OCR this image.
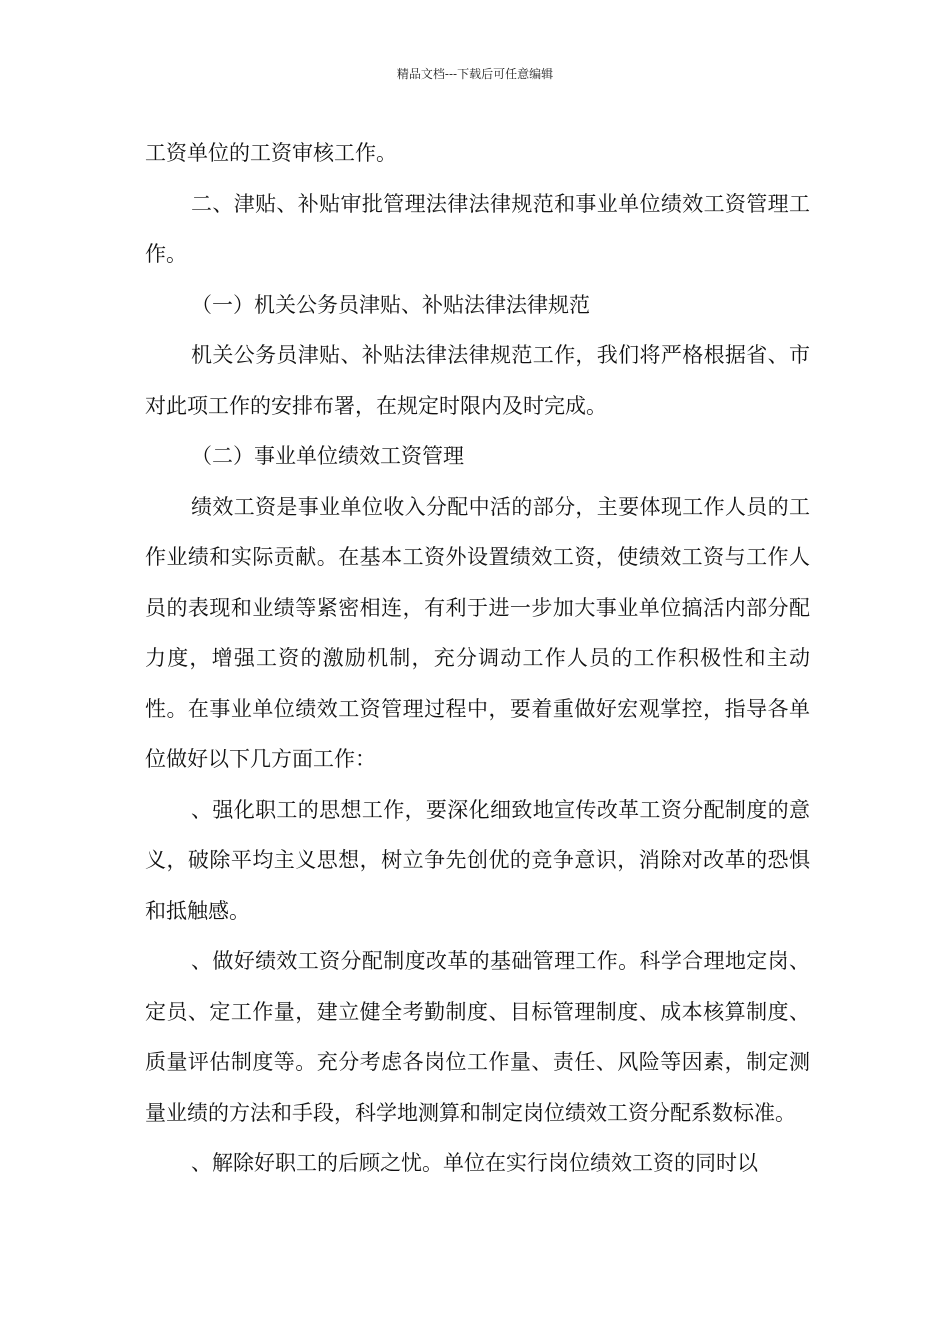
精品文档---下载后可任意编辑

工资单位的工资审核工作。

二、津贴、补贴审批管理法律法律规范和事业单位绩效工资管理工作。

（一）机关公务员津贴、补贴法律法律规范

机关公务员津贴、补贴法律法律规范工作，我们将严格根据省、市对此项工作的安排布署，在规定时限内及时完成。

（二）事业单位绩效工资管理

绩效工资是事业单位收入分配中活的部分，主要体现工作人员的工作业绩和实际贡献。在基本工资外设置绩效工资，使绩效工资与工作人员的表现和业绩等紧密相连，有利于进一步加大事业单位搞活内部分配力度，增强工资的激励机制，充分调动工作人员的工作积极性和主动性。在事业单位绩效工资管理过程中，要着重做好宏观掌控，指导各单位做好以下几方面工作：

、强化职工的思想工作，要深化细致地宣传改革工资分配制度的意义，破除平均主义思想，树立争先创优的竞争意识，消除对改革的恐惧和抵触感。

、做好绩效工资分配制度改革的基础管理工作。科学合理地定岗、定员、定工作量，建立健全考勤制度、目标管理制度、成本核算制度、质量评估制度等。充分考虑各岗位工作量、责任、风险等因素，制定测量业绩的方法和手段，科学地测算和制定岗位绩效工资分配系数标准。

、解除好职工的后顾之忧。单位在实行岗位绩效工资的同时以
